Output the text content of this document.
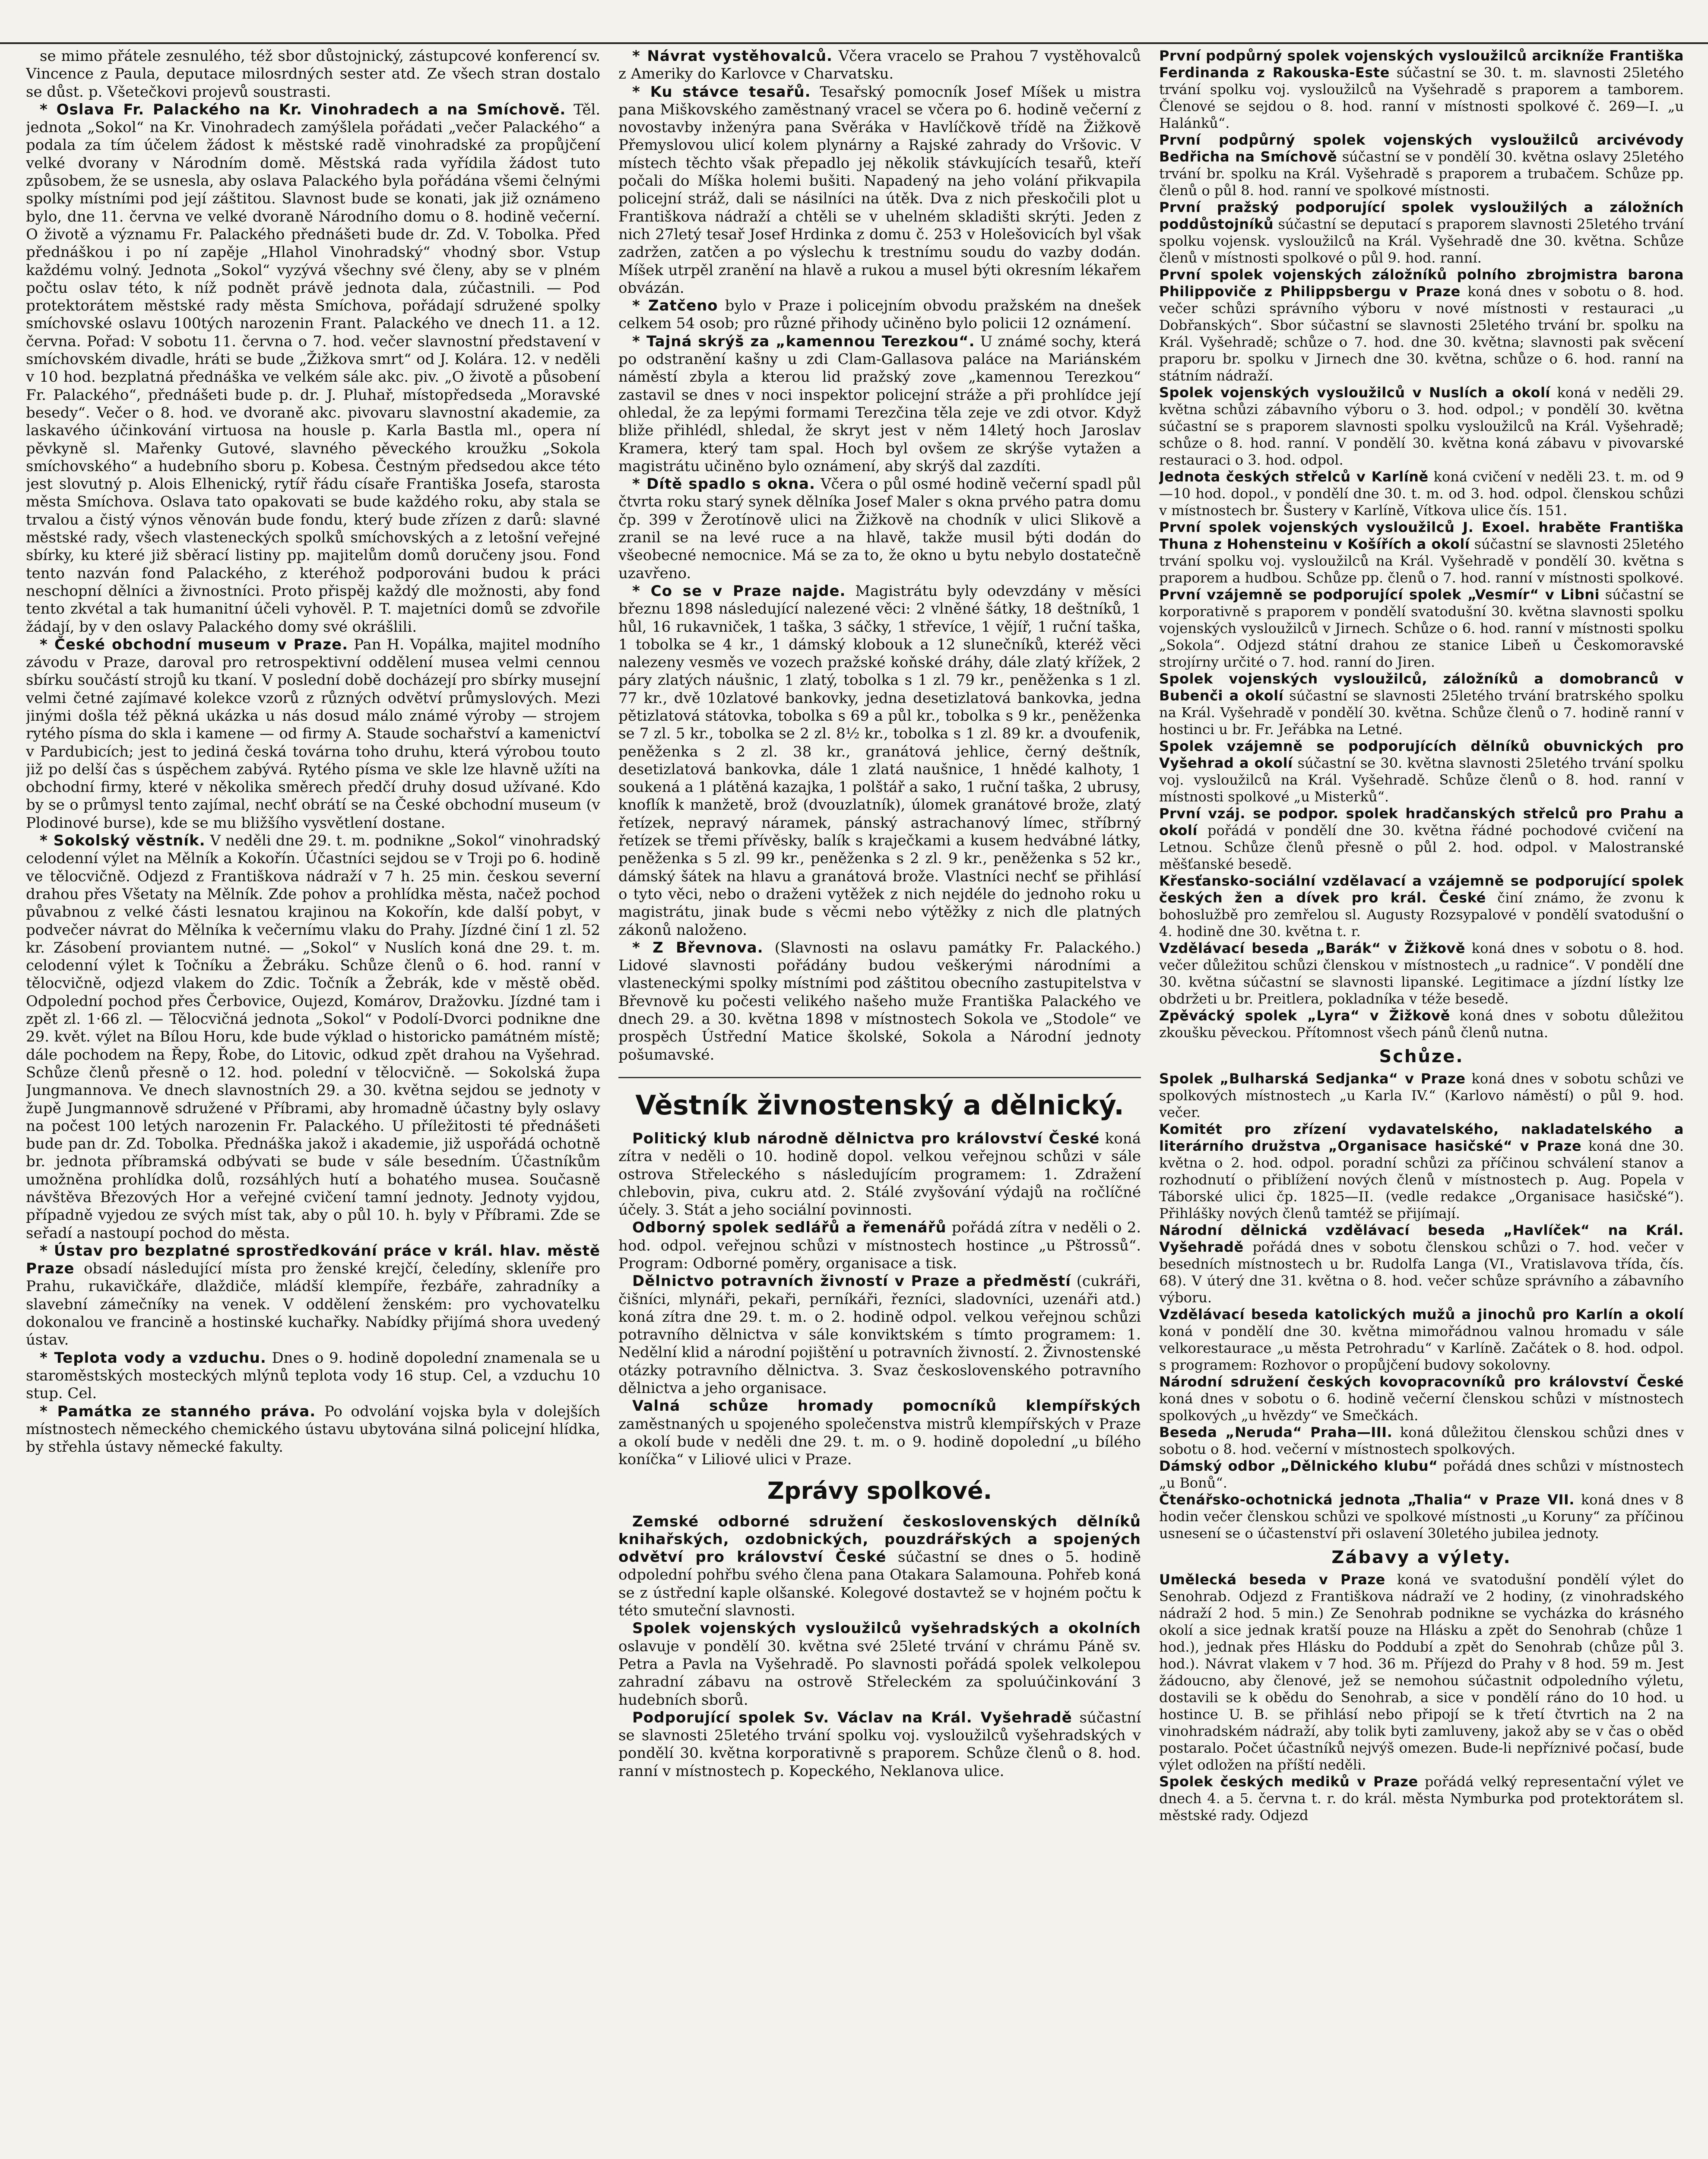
se mimo přátele zesnulého, též sbor důstojnický, zástupcové konferencí sv. Vincence z Paula, deputace milosrdných sester atd. Ze všech stran dostalo se důst. p. Všetečkovi projevů soustrasti.

* Oslava Fr. Palackého na Kr. Vinohradech a na Smíchově. Těl. jednota „Sokol“ na Kr. Vinohradech zamýšlela pořádati „večer Palackého“ a podala za tím účelem žádost k městské radě vinohradské za propůjčení velké dvorany v Národním domě. Městská rada vyřídila žádost tuto způsobem, že se usnesla, aby oslava Palackého byla pořádána všemi čelnými spolky místními pod její záštitou. Slavnost bude se konati, jak již oznámeno bylo, dne 11. června ve velké dvoraně Národního domu o 8. hodině večerní. O životě a významu Fr. Palackého přednášeti bude dr. Zd. V. Tobolka. Před přednáškou i po ní zapěje „Hlahol Vinohradský“ vhodný sbor. Vstup každému volný. Jednota „Sokol“ vyzývá všechny své členy, aby se v plném počtu oslav této, k níž podnět právě jednota dala, zúčastnili. — Pod protektorátem městské rady města Smíchova, pořádají sdružené spolky smíchovské oslavu 100tých narozenin Frant. Palackého ve dnech 11. a 12. června. Pořad: V sobotu 11. června o 7. hod. večer slavnostní představení v smíchovském divadle, hráti se bude „Žižkova smrt“ od J. Kolára. 12. v neděli v 10 hod. bezplatná přednáška ve velkém sále akc. piv. „O životě a působení Fr. Palackého“, přednášeti bude p. dr. J. Pluhař, místopředseda „Moravské besedy“. Večer o 8. hod. ve dvoraně akc. pivovaru slavnostní akademie, za laskavého účinkování virtuosa na housle p. Karla Bastla ml., opera ní pěvkyně sl. Mařenky Gutové, slavného pěveckého kroužku „Sokola smíchovského“ a hudebního sboru p. Kobesa. Čestným předsedou akce této jest slovutný p. Alois Elhenický, rytíř řádu císaře Františka Josefa, starosta města Smíchova. Oslava tato opakovati se bude každého roku, aby stala se trvalou a čistý výnos věnován bude fondu, který bude zřízen z darů: slavné městské rady, všech vlasteneckých spolků smíchovských a z letošní veřejné sbírky, ku které již sběrací listiny pp. majitelům domů doručeny jsou. Fond tento nazván fond Palackého, z kteréhož podporováni budou k práci neschopní dělníci a živnostníci. Proto přispěj každý dle možnosti, aby fond tento zkvétal a tak humanitní účeli vyhověl. P. T. majetníci domů se zdvořile žádají, by v den oslavy Palackého domy své okrášlili.

* České obchodní museum v Praze. Pan H. Vopálka, majitel modního závodu v Praze, daroval pro retrospektivní oddělení musea velmi cennou sbírku součástí strojů ku tkaní. V poslední době docházejí pro sbírky musejní velmi četné zajímavé kolekce vzorů z různých odvětví průmyslových. Mezi jinými došla též pěkná ukázka u nás dosud málo známé výroby — strojem rytého písma do skla i kamene — od firmy A. Staude sochařství a kamenictví v Pardubicích; jest to jediná česká továrna toho druhu, která výrobou touto již po delší čas s úspěchem zabývá. Rytého písma ve skle lze hlavně užíti na obchodní firmy, které v několika směrech předčí druhy dosud užívané. Kdo by se o průmysl tento zajímal, nechť obrátí se na České obchodní museum (v Plodinové burse), kde se mu bližšího vysvětlení dostane.

* Sokolský věstník. V neděli dne 29. t. m. podnikne „Sokol“ vinohradský celodenní výlet na Mělník a Kokořín. Účastníci sejdou se v Troji po 6. hodině ve tělocvičně. Odjezd z Františkova nádraží v 7 h. 25 min. českou severní drahou přes Všetaty na Mělník. Zde pohov a prohlídka města, načež pochod půvabnou z velké části lesnatou krajinou na Kokořín, kde další pobyt, v podvečer návrat do Mělníka k večernímu vlaku do Prahy. Jízdné činí 1 zl. 52 kr. Zásobení proviantem nutné. — „Sokol“ v Nuslích koná dne 29. t. m. celodenní výlet k Točníku a Žebráku. Schůze členů o 6. hod. ranní v tělocvičně, odjezd vlakem do Zdic. Točník a Žebrák, kde v městě oběd. Odpolední pochod přes Čerbovice, Oujezd, Komárov, Dražovku. Jízdné tam i zpět zl. 1·66 zl. — Tělocvičná jednota „Sokol“ v Podolí-Dvorci podnikne dne 29. květ. výlet na Bílou Horu, kde bude výklad o historicko památném místě; dále pochodem na Řepy, Řobe, do Litovic, odkud zpět drahou na Vyšehrad. Schůze členů přesně o 12. hod. polední v tělocvičně. — Sokolská župa Jungmannova. Ve dnech slavnostních 29. a 30. května sejdou se jednoty v župě Jungmannově sdružené v Příbrami, aby hromadně účastny byly oslavy na počest 100 letých narozenin Fr. Palackého. U příležitosti té přednášeti bude pan dr. Zd. Tobolka. Přednáška jakož i akademie, již uspořádá ochotně br. jednota příbramská odbývati se bude v sále besedním. Účastníkům umožněna prohlídka dolů, rozsáhlých hutí a bohatého musea. Současně návštěva Březových Hor a veřejné cvičení tamní jednoty. Jednoty vyjdou, případně vyjedou ze svých míst tak, aby o půl 10. h. byly v Příbrami. Zde se seřadí a nastoupí pochod do města.

* Ústav pro bezplatné sprostředkování práce v král. hlav. městě Praze obsadí následující místa pro ženské krejčí, čeledíny, skleníře pro Prahu, rukavičkáře, dlaždiče, mládší klempíře, řezbáře, zahradníky a slavební zámečníky na venek. V oddělení ženském: pro vychovatelku dokonalou ve francině a hostinské kuchařky. Nabídky přijímá shora uvedený ústav.

* Teplota vody a vzduchu. Dnes o 9. hodině dopolední znamenala se u staroměstských mosteckých mlýnů teplota vody 16 stup. Cel, a vzduchu 10 stup. Cel.

* Památka ze stanného práva. Po odvolání vojska byla v dolejších místnostech německého chemického ústavu ubytována silná policejní hlídka, by střehla ústavy německé fakulty.

* Návrat vystěhovalců. Včera vracelo se Prahou 7 vystěhovalců z Ameriky do Karlovce v Charvatsku.

* Ku stávce tesařů. Tesařský pomocník Josef Míšek u mistra pana Miškovského zaměstnaný vracel se včera po 6. hodině večerní z novostavby inženýra pana Svěráka v Havlíčkově třídě na Žižkově Přemyslovou ulicí kolem plynárny a Rajské zahrady do Vršovic. V místech těchto však přepadlo jej několik stávkujících tesařů, kteří počali do Míška holemi bušiti. Napadený na jeho volání přikvapila policejní stráž, dali se násilníci na útěk. Dva z nich přeskočili plot u Františkova nádraží a chtěli se v uhelném skladišti skrýti. Jeden z nich 27letý tesař Josef Hrdinka z domu č. 253 v Holešovicích byl však zadržen, zatčen a po výslechu k trestnímu soudu do vazby dodán. Míšek utrpěl zranění na hlavě a rukou a musel býti okresním lékařem obvázán.

* Zatčeno bylo v Praze i policejním obvodu pražském na dnešek celkem 54 osob; pro různé přihody učiněno bylo policii 12 oznámení.

* Tajná skrýš za „kamennou Terezkou“. U známé sochy, která po odstranění kašny u zdi Clam-Gallasova paláce na Mariánském náměstí zbyla a kterou lid pražský zove „kamennou Terezkou“ zastavil se dnes v noci inspektor policejní stráže a při prohlídce její ohledal, že za lepými formami Terezčina těla zeje ve zdi otvor. Když bliže přihlédl, shledal, že skryt jest v něm 14letý hoch Jaroslav Kramera, který tam spal. Hoch byl ovšem ze skrýše vytažen a magistrátu učiněno bylo oznámení, aby skrýš dal zazdíti.

* Dítě spadlo s okna. Včera o půl osmé hodině večerní spadl půl čtvrta roku starý synek dělníka Josef Maler s okna prvého patra domu čp. 399 v Žerotínově ulici na Žižkově na chodník v ulici Slikově a zranil se na levé ruce a na hlavě, takže musil býti dodán do všeobecné nemocnice. Má se za to, že okno u bytu nebylo dostatečně uzavřeno.

* Co se v Praze najde. Magistrátu byly odevzdány v měsíci březnu 1898 následující nalezené věci: 2 vlněné šátky, 18 deštníků, 1 hůl, 16 rukavniček, 1 taška, 3 sáčky, 1 střevíce, 1 vějíř, 1 ruční taška, 1 tobolka se 4 kr., 1 dámský klobouk a 12 slunečníků, kteréž věci nalezeny vesměs ve vozech pražské koňské dráhy, dále zlatý křížek, 2 páry zlatých náušnic, 1 zlatý, tobolka s 1 zl. 79 kr., peněženka s 1 zl. 77 kr., dvě 10zlatové bankovky, jedna desetizlatová bankovka, jedna pětizlatová státovka, tobolka s 69 a půl kr., tobolka s 9 kr., peněženka se 7 zl. 5 kr., tobolka se 2 zl. 8½ kr., tobolka s 1 zl. 89 kr. a dvoufenik, peněženka s 2 zl. 38 kr., granátová jehlice, černý deštník, desetizlatová bankovka, dále 1 zlatá naušnice, 1 hnědé kalhoty, 1 soukená a 1 plátěná kazajka, 1 polštář a sako, 1 ruční taška, 2 ubrusy, knoflík k manžetě, brož (dvouzlatník), úlomek granátové brože, zlatý řetízek, nepravý náramek, pánský astrachanový límec, stříbrný řetízek se třemi přívěsky, balík s kraječkami a kusem hedvábné látky, peněženka s 5 zl. 99 kr., peněženka s 2 zl. 9 kr., peněženka s 52 kr., dámský šátek na hlavu a granátová brože. Vlastníci nechť se přihlásí o tyto věci, nebo o draženi vytěžek z nich nejdéle do jednoho roku u magistrátu, jinak bude s věcmi nebo výtěžky z nich dle platných zákonů naloženo.

* Z Břevnova. (Slavnosti na oslavu památky Fr. Palackého.) Lidové slavnosti pořádány budou veškerými národními a vlasteneckými spolky místními pod záštitou obecního zastupitelstva v Břevnově ku počesti velikého našeho muže Františka Palackého ve dnech 29. a 30. května 1898 v místnostech Sokola ve „Stodole“ ve prospěch Ústřední Matice školské, Sokola a Národní jednoty pošumavské.

Věstník živnostenský a dělnický.

Politický klub národně dělnictva pro království České koná zítra v neděli o 10. hodině dopol. velkou veřejnou schůzi v sále ostrova Střeleckého s následujícím programem: 1. Zdražení chlebovin, piva, cukru atd. 2. Stálé zvyšování výdajů na ročlíčné účely. 3. Stát a jeho sociální povinnosti.

Odborný spolek sedlářů a řemenářů pořádá zítra v neděli o 2. hod. odpol. veřejnou schůzi v místnostech hostince „u Pštrossů“. Program: Odborné poměry, organisace a tisk.

Dělnictvo potravních živností v Praze a předměstí (cukráři, čišníci, mlynáři, pekaři, perníkáři, řezníci, sladovníci, uzenáři atd.) koná zítra dne 29. t. m. o 2. hodině odpol. velkou veřejnou schůzi potravního dělnictva v sále konviktském s tímto programem: 1. Nedělní klid a národní pojištění u potravních živností. 2. Živnostenské otázky potravního dělnictva. 3. Svaz československého potravního dělnictva a jeho organisace.

Valná schůze hromady pomocníků klempířských zaměstnaných u spojeného společenstva mistrů klempířských v Praze a okolí bude v neděli dne 29. t. m. o 9. hodině dopolední „u bílého koníčka“ v Liliové ulici v Praze.

Zprávy spolkové.

Zemské odborné sdružení československých dělníků knihařských, ozdobnických, pouzdrářských a spojených odvětví pro království České súčastní se dnes o 5. hodině odpolední pohřbu svého člena pana Otakara Salamouna. Pohřeb koná se z ústřední kaple olšanské. Kolegové dostavtež se v hojném počtu k této smuteční slavnosti.

Spolek vojenských vysloužilců vyšehradských a okolních oslavuje v pondělí 30. května své 25leté trvání v chrámu Páně sv. Petra a Pavla na Vyšehradě. Po slavnosti pořádá spolek velkolepou zahradní zábavu na ostrově Střeleckém za spoluúčinkování 3 hudebních sborů.

Podporující spolek Sv. Václav na Král. Vyšehradě súčastní se slavnosti 25letého trvání spolku voj. vysloužilců vyšehradských v pondělí 30. května korporativně s praporem. Schůze členů o 8. hod. ranní v místnostech p. Kopeckého, Neklanova ulice.

První podpůrný spolek vojenských vysloužilců arcikníže Františka Ferdinanda z Rakouska-Este súčastní se 30. t. m. slavnosti 25letého trvání spolku voj. vysloužilců na Vyšehradě s praporem a tamborem. Členové se sejdou o 8. hod. ranní v místnosti spolkové č. 269—I. „u Halánků“.

První podpůrný spolek vojenských vysloužilců arcivévody Bedřicha na Smíchově súčastní se v pondělí 30. května oslavy 25letého trvání br. spolku na Král. Vyšehradě s praporem a trubačem. Schůze pp. členů o půl 8. hod. ranní ve spolkové místnosti.

První pražský podporující spolek vysloužilých a záložních poddůstojníků súčastní se deputací s praporem slavnosti 25letého trvání spolku vojensk. vysloužilců na Král. Vyšehradě dne 30. května. Schůze členů v místnosti spolkové o půl 9. hod. ranní.

První spolek vojenských záložníků polního zbrojmistra barona Philippoviče z Philippsbergu v Praze koná dnes v sobotu o 8. hod. večer schůzi správního výboru v nové místnosti v restauraci „u Dobřanských“. Sbor súčastní se slavnosti 25letého trvání br. spolku na Král. Vyšehradě; schůze o 7. hod. dne 30. května; slavnosti pak svěcení praporu br. spolku v Jirnech dne 30. května, schůze o 6. hod. ranní na státním nádraží.

Spolek vojenských vysloužilců v Nuslích a okolí koná v neděli 29. května schůzi zábavního výboru o 3. hod. odpol.; v pondělí 30. května súčastní se s praporem slavnosti spolku vysloužilců na Král. Vyšehradě; schůze o 8. hod. ranní. V pondělí 30. května koná zábavu v pivovarské restauraci o 3. hod. odpol.

Jednota českých střelců v Karlíně koná cvičení v neděli 23. t. m. od 9—10 hod. dopol., v pondělí dne 30. t. m. od 3. hod. odpol. členskou schůzi v místnostech br. Šustery v Karlíně, Vítkova ulice čís. 151.

První spolek vojenských vysloužilců J. Exoel. hraběte Františka Thuna z Hohensteinu v Košířích a okolí súčastní se slavnosti 25letého trvání spolku voj. vysloužilců na Král. Vyšehradě v pondělí 30. května s praporem a hudbou. Schůze pp. členů o 7. hod. ranní v místnosti spolkové.

První vzájemně se podporující spolek „Vesmír“ v Libni súčastní se korporativně s praporem v pondělí svatodušní 30. května slavnosti spolku vojenských vysloužilců v Jirnech. Schůze o 6. hod. ranní v místnosti spolku „Sokola“. Odjezd státní drahou ze stanice Libeň u Českomoravské strojírny určité o 7. hod. ranní do Jiren.

Spolek vojenských vysloužilců, záložníků a domobranců v Bubenči a okolí súčastní se slavnosti 25letého trvání bratrského spolku na Král. Vyšehradě v pondělí 30. května. Schůze členů o 7. hodině ranní v hostinci u br. Fr. Jeřábka na Letné.

Spolek vzájemně se podporujících dělníků obuvnických pro Vyšehrad a okolí súčastní se 30. května slavnosti 25letého trvání spolku voj. vysloužilců na Král. Vyšehradě. Schůze členů o 8. hod. ranní v místnosti spolkové „u Misterků“.

První vzáj. se podpor. spolek hradčanských střelců pro Prahu a okolí pořádá v pondělí dne 30. května řádné pochodové cvičení na Letnou. Schůze členů přesně o půl 2. hod. odpol. v Malostranské měšťanské besedě.

Křesťansko-sociální vzdělavací a vzájemně se podporující spolek českých žen a dívek pro král. České činí známo, že zvonu k bohoslužbě pro zemřelou sl. Augusty Rozsypalové v pondělí svatodušní o 4. hodině dne 30. května t. r.

Vzdělávací beseda „Barák“ v Žižkově koná dnes v sobotu o 8. hod. večer důležitou schůzi členskou v místnostech „u radnice“. V pondělí dne 30. května súčastní se slavnosti lipanské. Legitimace a jízdní lístky lze obdržeti u br. Preitlera, pokladníka v téže besedě.

Zpěvácký spolek „Lyra“ v Žižkově koná dnes v sobotu důležitou zkoušku pěveckou. Přítomnost všech pánů členů nutna.

Schůze.

Spolek „Bulharská Sedjanka“ v Praze koná dnes v sobotu schůzi ve spolkových místnostech „u Karla IV.“ (Karlovo náměstí) o půl 9. hod. večer.

Komitét pro zřízení vydavatelského, nakladatelského a literárního družstva „Organisace hasičské“ v Praze koná dne 30. května o 2. hod. odpol. poradní schůzi za příčinou schválení stanov a rozhodnutí o přiblížení nových členů v místnostech p. Aug. Popela v Táborské ulici čp. 1825—II. (vedle redakce „Organisace hasičské“). Přihlášky nových členů tamtéž se přijímají.

Národní dělnická vzdělávací beseda „Havlíček“ na Král. Vyšehradě pořádá dnes v sobotu členskou schůzi o 7. hod. večer v besedních místnostech u br. Rudolfa Langa (VI., Vratislavova třída, čís. 68). V úterý dne 31. května o 8. hod. večer schůze správního a zábavního výboru.

Vzdělávací beseda katolických mužů a jinochů pro Karlín a okolí koná v pondělí dne 30. května mimořádnou valnou hromadu v sále velkorestaurace „u města Petrohradu“ v Karlíně. Začátek o 8. hod. odpol. s programem: Rozhovor o propůjčení budovy sokolovny.

Národní sdružení českých kovopracovníků pro království České koná dnes v sobotu o 6. hodině večerní členskou schůzi v místnostech spolkových „u hvězdy“ ve Smečkách.

Beseda „Neruda“ Praha—III. koná důležitou členskou schůzi dnes v sobotu o 8. hod. večerní v místnostech spolkových.

Dámský odbor „Dělnického klubu“ pořádá dnes schůzi v místnostech „u Bonů“.

Čtenářsko-ochotnická jednota „Thalia“ v Praze VII. koná dnes v 8 hodin večer členskou schůzi ve spolkové místnosti „u Koruny“ za příčinou usnesení se o účastenství při oslavení 30letého jubilea jednoty.

Zábavy a výlety.

Umělecká beseda v Praze koná ve svatodušní pondělí výlet do Senohrab. Odjezd z Františkova nádraží ve 2 hodiny, (z vinohradského nádraží 2 hod. 5 min.) Ze Senohrab podnikne se vycházka do krásného okolí a sice jednak kratší pouze na Hlásku a zpět do Senohrab (chůze 1 hod.), jednak přes Hlásku do Poddubí a zpět do Senohrab (chůze půl 3. hod.). Návrat vlakem v 7 hod. 36 m. Příjezd do Prahy v 8 hod. 59 m. Jest žádoucno, aby členové, jež se nemohou súčastnit odpoledního výletu, dostavili se k obědu do Senohrab, a sice v pondělí ráno do 10 hod. u hostince U. B. se přihlásí nebo připojí se k třetí čtvrtich na 2 na vinohradském nádraží, aby tolik byti zamluveny, jakož aby se v čas o oběd postaralo. Počet účastníků nejvýš omezen. Bude-li nepříznivé počasí, bude výlet odložen na příští neděli.

Spolek českých mediků v Praze pořádá velký representační výlet ve dnech 4. a 5. června t. r. do král. města Nymburka pod protektorátem sl. městské rady. Odjezd
